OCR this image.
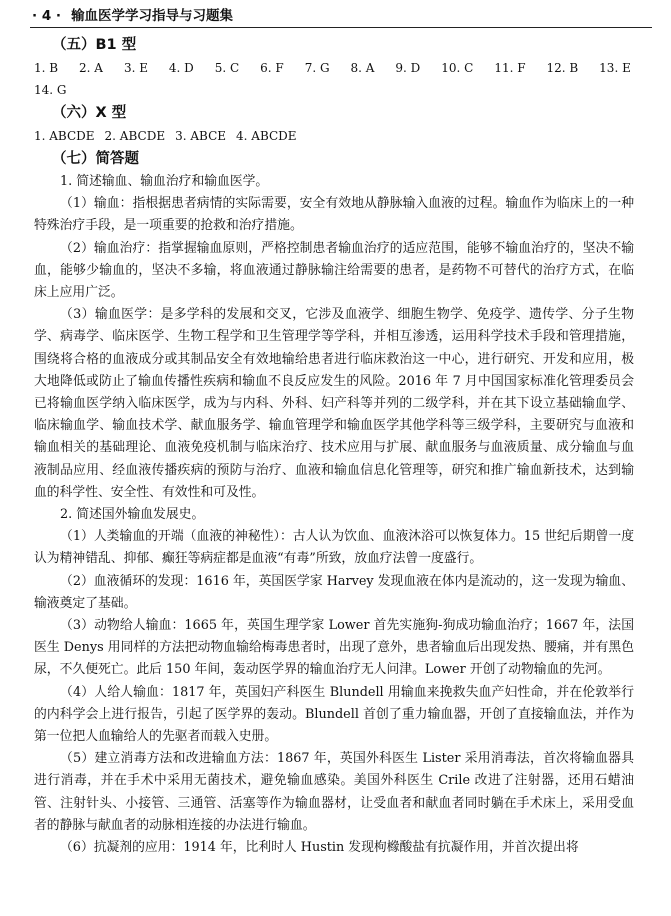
· 4 · 输血医学学习指导与习题集
（五）B1 型
1. B 2. A 3. E 4. D 5. C 6. F 7. G 8. A 9. D 10. C 11. F 12. B 13. E
14. G
（六）X 型
1. ABCDE 2. ABCDE 3. ABCE 4. ABCDE
（七）简答题

1. 简述输血、输血治疗和输血医学。

（1）输血：指根据患者病情的实际需要，安全有效地从静脉输入血液的过程。输血作为临床上的一种特殊治疗手段，是一项重要的抢救和治疗措施。

（2）输血治疗：指掌握输血原则，严格控制患者输血治疗的适应范围，能够不输血治疗的，坚决不输血，能够少输血的，坚决不多输，将血液通过静脉输注给需要的患者，是药物不可替代的治疗方式，在临床上应用广泛。

（3）输血医学：是多学科的发展和交叉，它涉及血液学、细胞生物学、免疫学、遗传学、分子生物学、病毒学、临床医学、生物工程学和卫生管理学等学科，并相互渗透，运用科学技术手段和管理措施，围绕将合格的血液成分或其制品安全有效地输给患者进行临床救治这一中心，进行研究、开发和应用，极大地降低或防止了输血传播性疾病和输血不良反应发生的风险。2016 年 7 月中国国家标准化管理委员会已将输血医学纳入临床医学，成为与内科、外科、妇产科等并列的二级学科，并在其下设立基础输血学、临床输血学、输血技术学、献血服务学、输血管理学和输血医学其他学科等三级学科，主要研究与血液和输血相关的基础理论、血液免疫机制与临床治疗、技术应用与扩展、献血服务与血液质量、成分输血与血液制品应用、经血液传播疾病的预防与治疗、血液和输血信息化管理等，研究和推广输血新技术，达到输血的科学性、安全性、有效性和可及性。

2. 简述国外输血发展史。

（1）人类输血的开端（血液的神秘性）：古人认为饮血、血液沐浴可以恢复体力。15 世纪后期曾一度认为精神错乱、抑郁、癫狂等病症都是血液“有毒”所致，放血疗法曾一度盛行。

（2）血液循环的发现：1616 年，英国医学家 Harvey 发现血液在体内是流动的，这一发现为输血、输液奠定了基础。

（3）动物给人输血：1665 年，英国生理学家 Lower 首先实施狗-狗成功输血治疗；1667 年，法国医生 Denys 用同样的方法把动物血输给梅毒患者时，出现了意外，患者输血后出现发热、腰痛，并有黑色尿，不久便死亡。此后 150 年间，轰动医学界的输血治疗无人问津。Lower 开创了动物输血的先河。

（4）人给人输血：1817 年，英国妇产科医生 Blundell 用输血来挽救失血产妇性命，并在伦敦举行的内科学会上进行报告，引起了医学界的轰动。Blundell 首创了重力输血器，开创了直接输血法，并作为第一位把人血输给人的先驱者而载入史册。

（5）建立消毒方法和改进输血方法：1867 年，英国外科医生 Lister 采用消毒法，首次将输血器具进行消毒，并在手术中采用无菌技术，避免输血感染。美国外科医生 Crile 改进了注射器，还用石蜡油管、注射针头、小接管、三通管、活塞等作为输血器材，让受血者和献血者同时躺在手术床上，采用受血者的静脉与献血者的动脉相连接的办法进行输血。

（6）抗凝剂的应用：1914 年，比利时人 Hustin 发现枸橼酸盐有抗凝作用，并首次提出将
